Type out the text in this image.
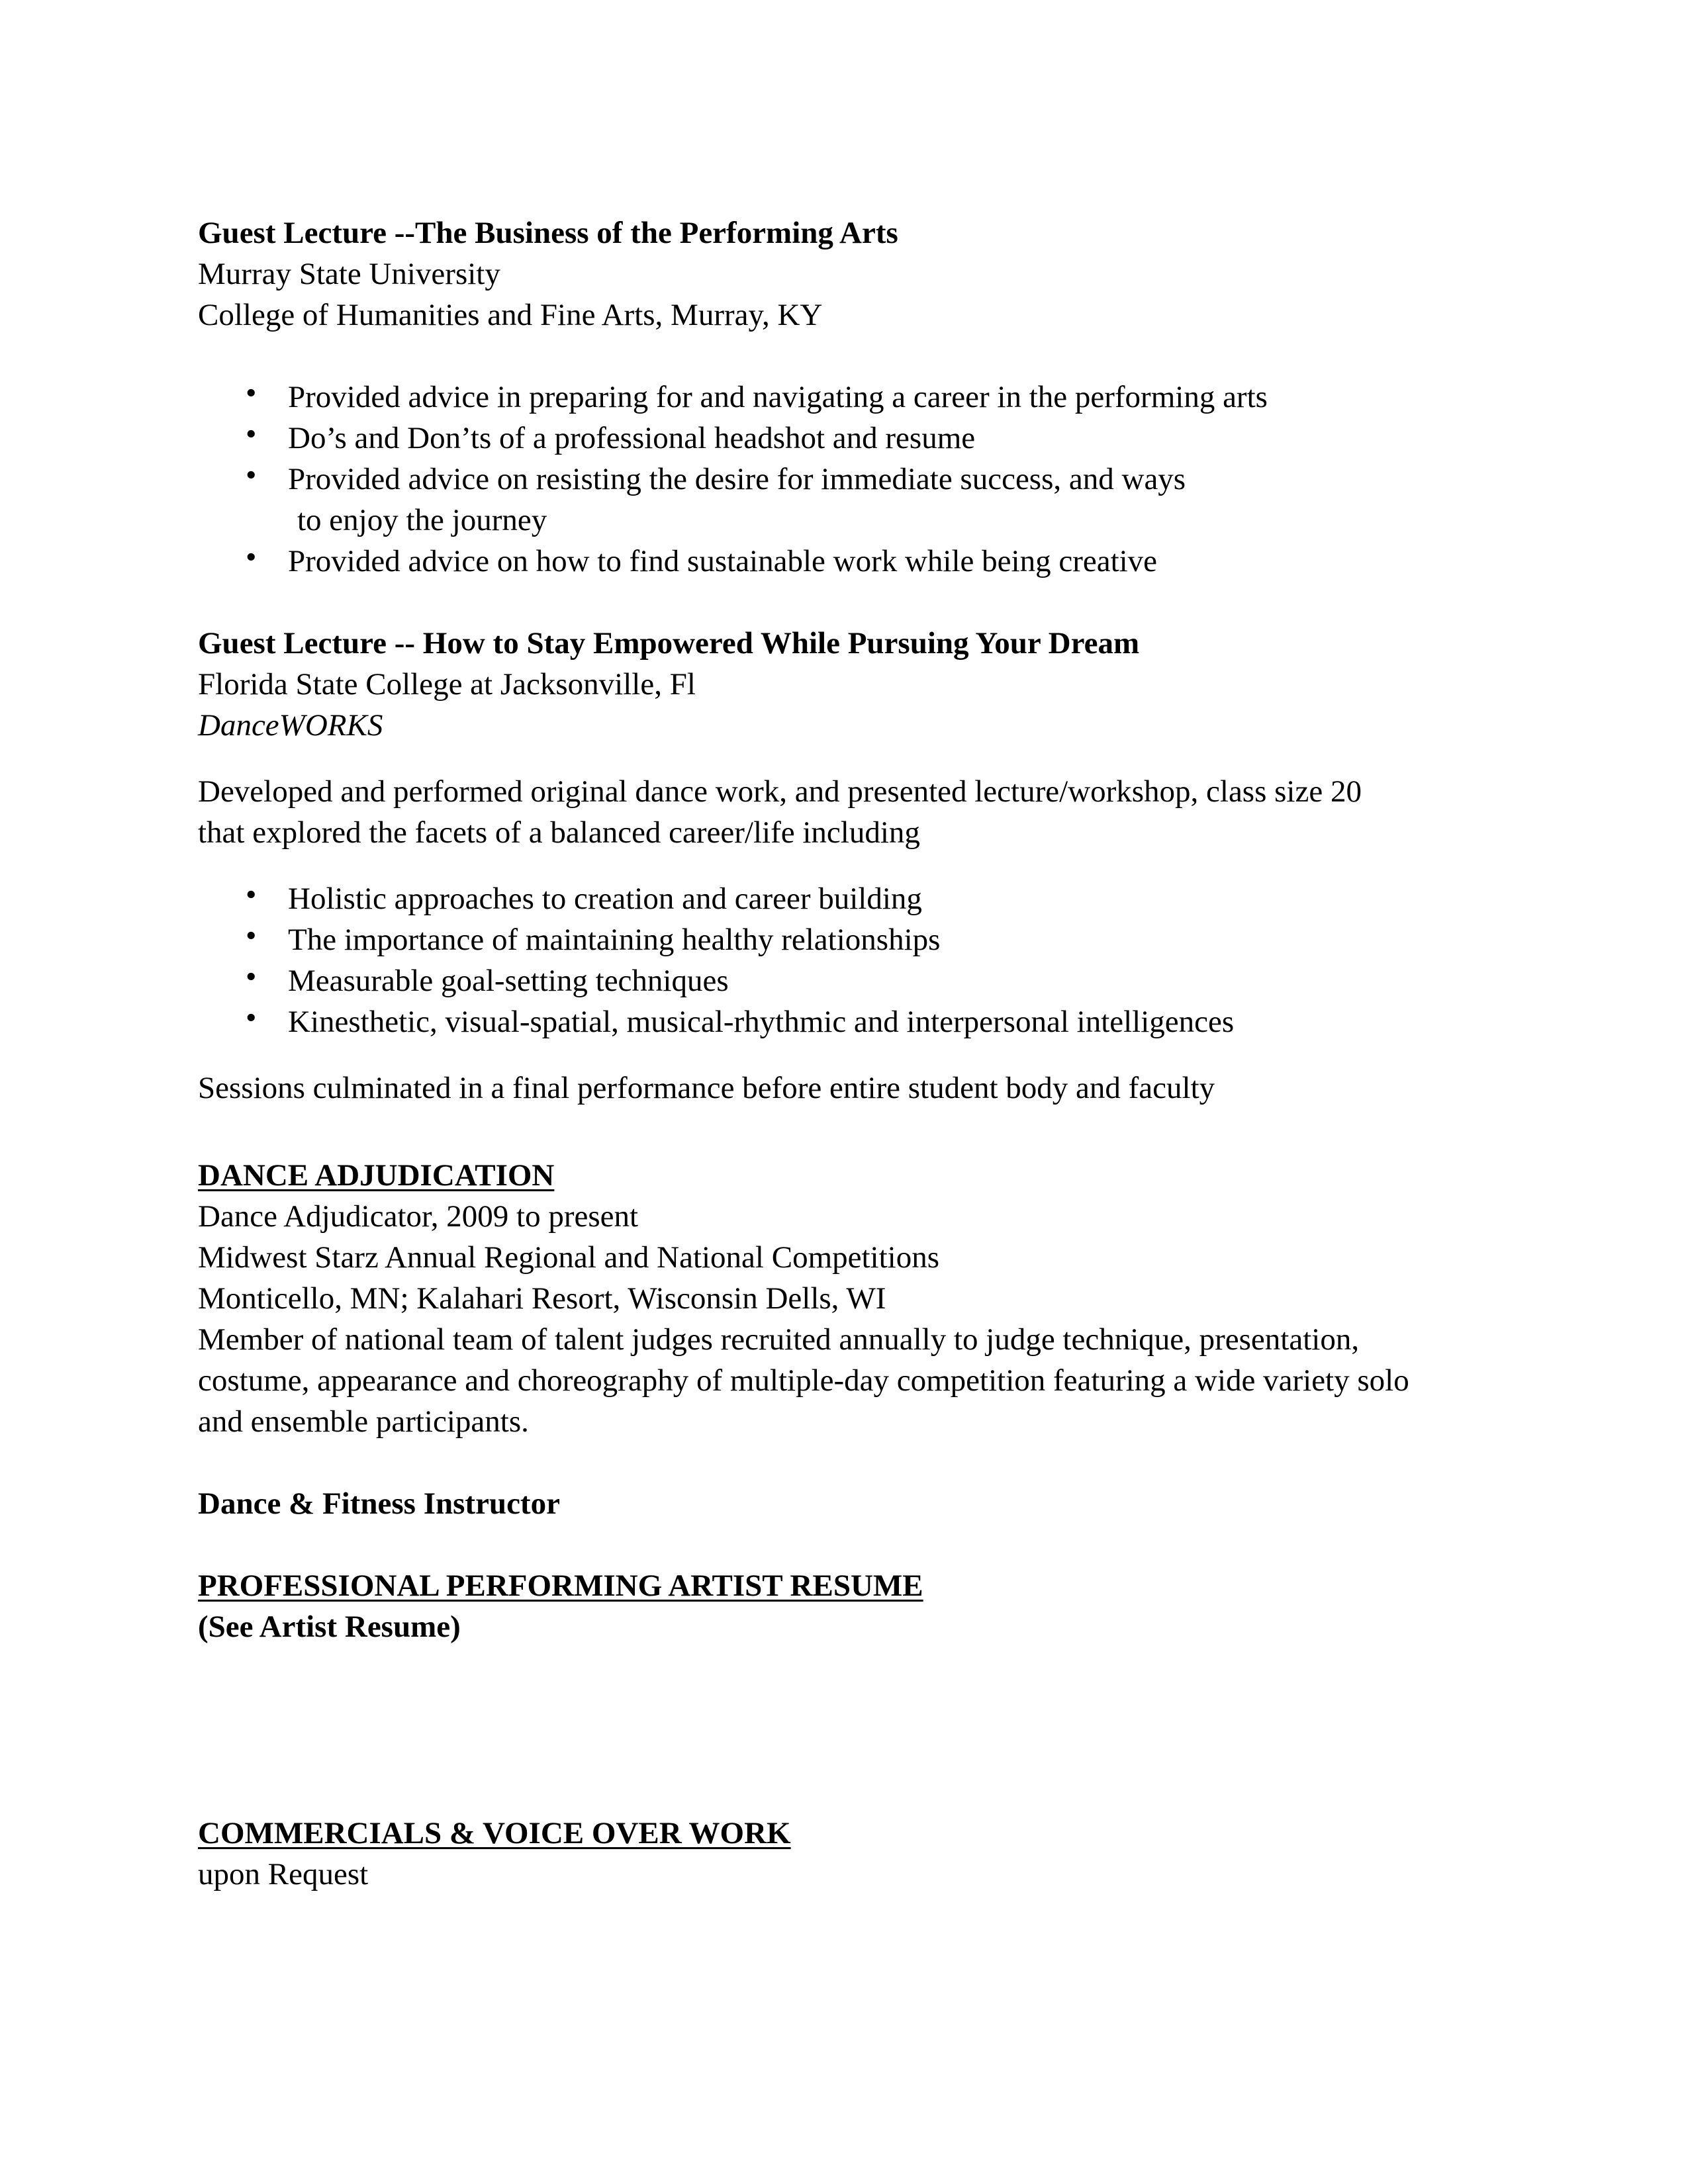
Guest Lecture --The Business of the Performing Arts
Murray State University
College of Humanities and Fine Arts, Murray, KY
• Provided advice in preparing for and navigating a career in the performing arts
• Do’s and Don’ts of a professional headshot and resume
• Provided advice on resisting the desire for immediate success, and ways
to enjoy the journey
• Provided advice on how to find sustainable work while being creative
Guest Lecture -- How to Stay Empowered While Pursuing Your Dream
Florida State College at Jacksonville, Fl
DanceWORKS
Developed and performed original dance work, and presented lecture/workshop, class size 20
that explored the facets of a balanced career/life including
• Holistic approaches to creation and career building
• The importance of maintaining healthy relationships
• Measurable goal-setting techniques
• Kinesthetic, visual-spatial, musical-rhythmic and interpersonal intelligences
Sessions culminated in a final performance before entire student body and faculty
DANCE ADJUDICATION
Dance Adjudicator, 2009 to present
Midwest Starz Annual Regional and National Competitions
Monticello, MN; Kalahari Resort, Wisconsin Dells, WI
Member of national team of talent judges recruited annually to judge technique, presentation,
costume, appearance and choreography of multiple-day competition featuring a wide variety solo
and ensemble participants.
Dance & Fitness Instructor
PROFESSIONAL PERFORMING ARTIST RESUME
(See Artist Resume)
COMMERCIALS & VOICE OVER WORK
upon Request
